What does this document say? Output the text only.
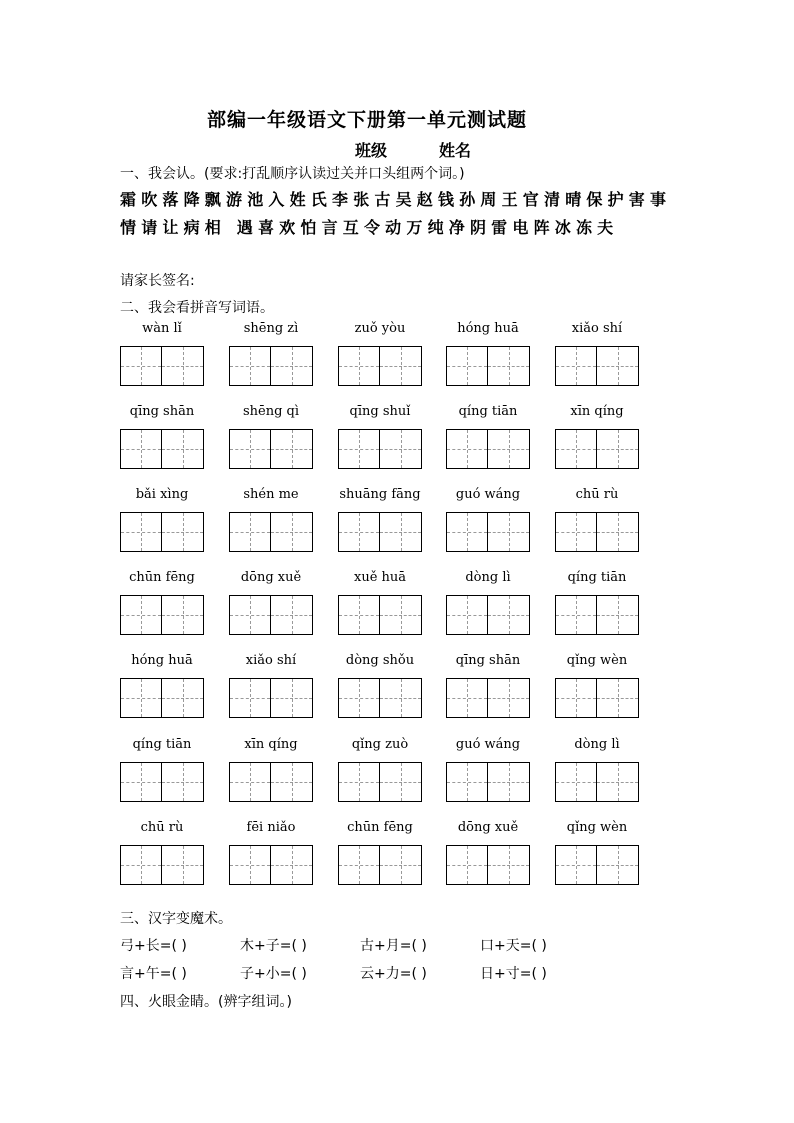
部编一年级语文下册第一单元测试题
班级	姓名
一、我会认。(要求:打乱顺序认读过关并口头组两个词。)
霜吹落降飘游池入姓氏李张古吴赵钱孙周王官清晴保护害事情请让病相 遇喜欢怕言互令动万纯净阴雷电阵冰冻夫
请家长签名:
二、我会看拼音写词语。
wàn lǐ	shēng zì	zuǒ yòu	hóng huā	xiǎo shí
qīng shān	shēng qì	qīng shuǐ	qíng tiān	xīn qíng
bǎi xìng	shén me	shuāng fāng	guó wáng	chū rù
chūn fēng	dōng xuě	xuě huā	dòng lì	qíng tiān
hóng huā	xiǎo shí	dòng shǒu	qīng shān	qǐng wèn
qíng tiān	xīn qíng	qǐng zuò	guó wáng	dòng lì
chū rù	fēi niǎo	chūn fēng	dōng xuě	qǐng wèn
三、汉字变魔术。
弓+长=( )	木+子=( )	古+月=( )	口+天=( )
言+午=( )	子+小=( )	云+力=( )	日+寸=( )
四、火眼金睛。(辨字组词。)
